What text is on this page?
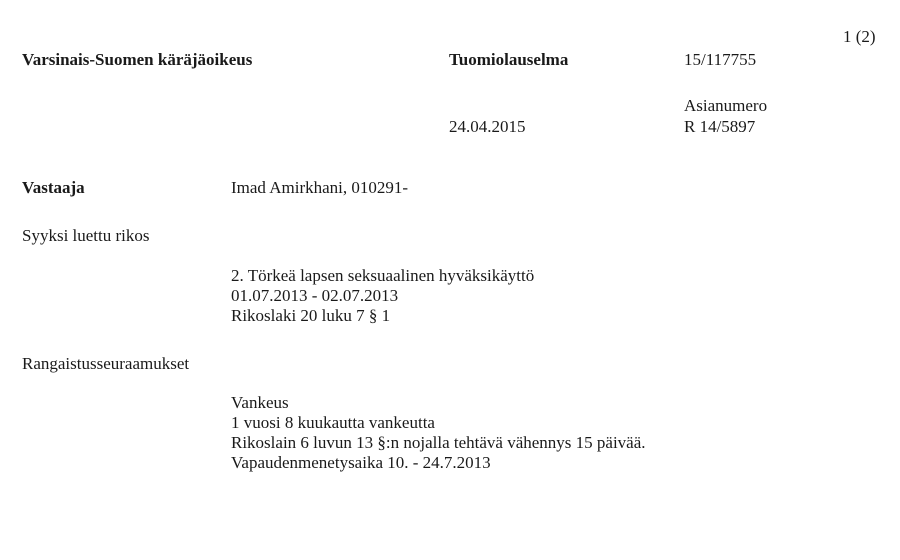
1 (2)
Varsinais-Suomen käräjäoikeus	Tuomiolauselma	15/117755
Asianumero
24.04.2015	R 14/5897
Vastaaja	Imad Amirkhani, 010291-
Syyksi luettu rikos
2. Törkeä lapsen seksuaalinen hyväksikäyttö
01.07.2013 - 02.07.2013
Rikoslaki 20 luku 7 § 1
Rangaistusseuraamukset
Vankeus
1 vuosi 8 kuukautta vankeutta
Rikoslain 6 luvun 13 §:n nojalla tehtävä vähennys 15 päivää.
Vapaudenmenetysaika 10. - 24.7.2013
